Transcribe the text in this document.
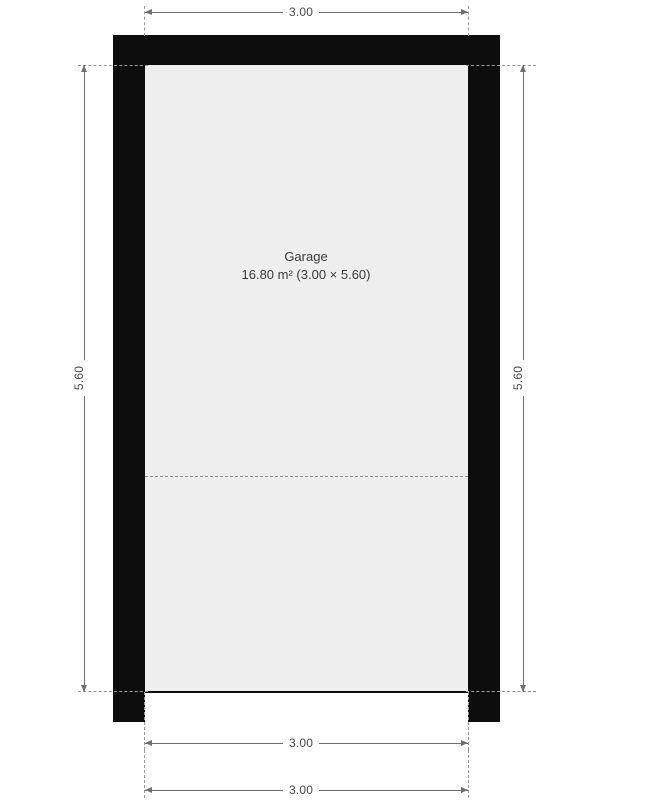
3.00
5.60	5.60
3.00
3.00
Garage
16.80 m² (3.00 × 5.60)
